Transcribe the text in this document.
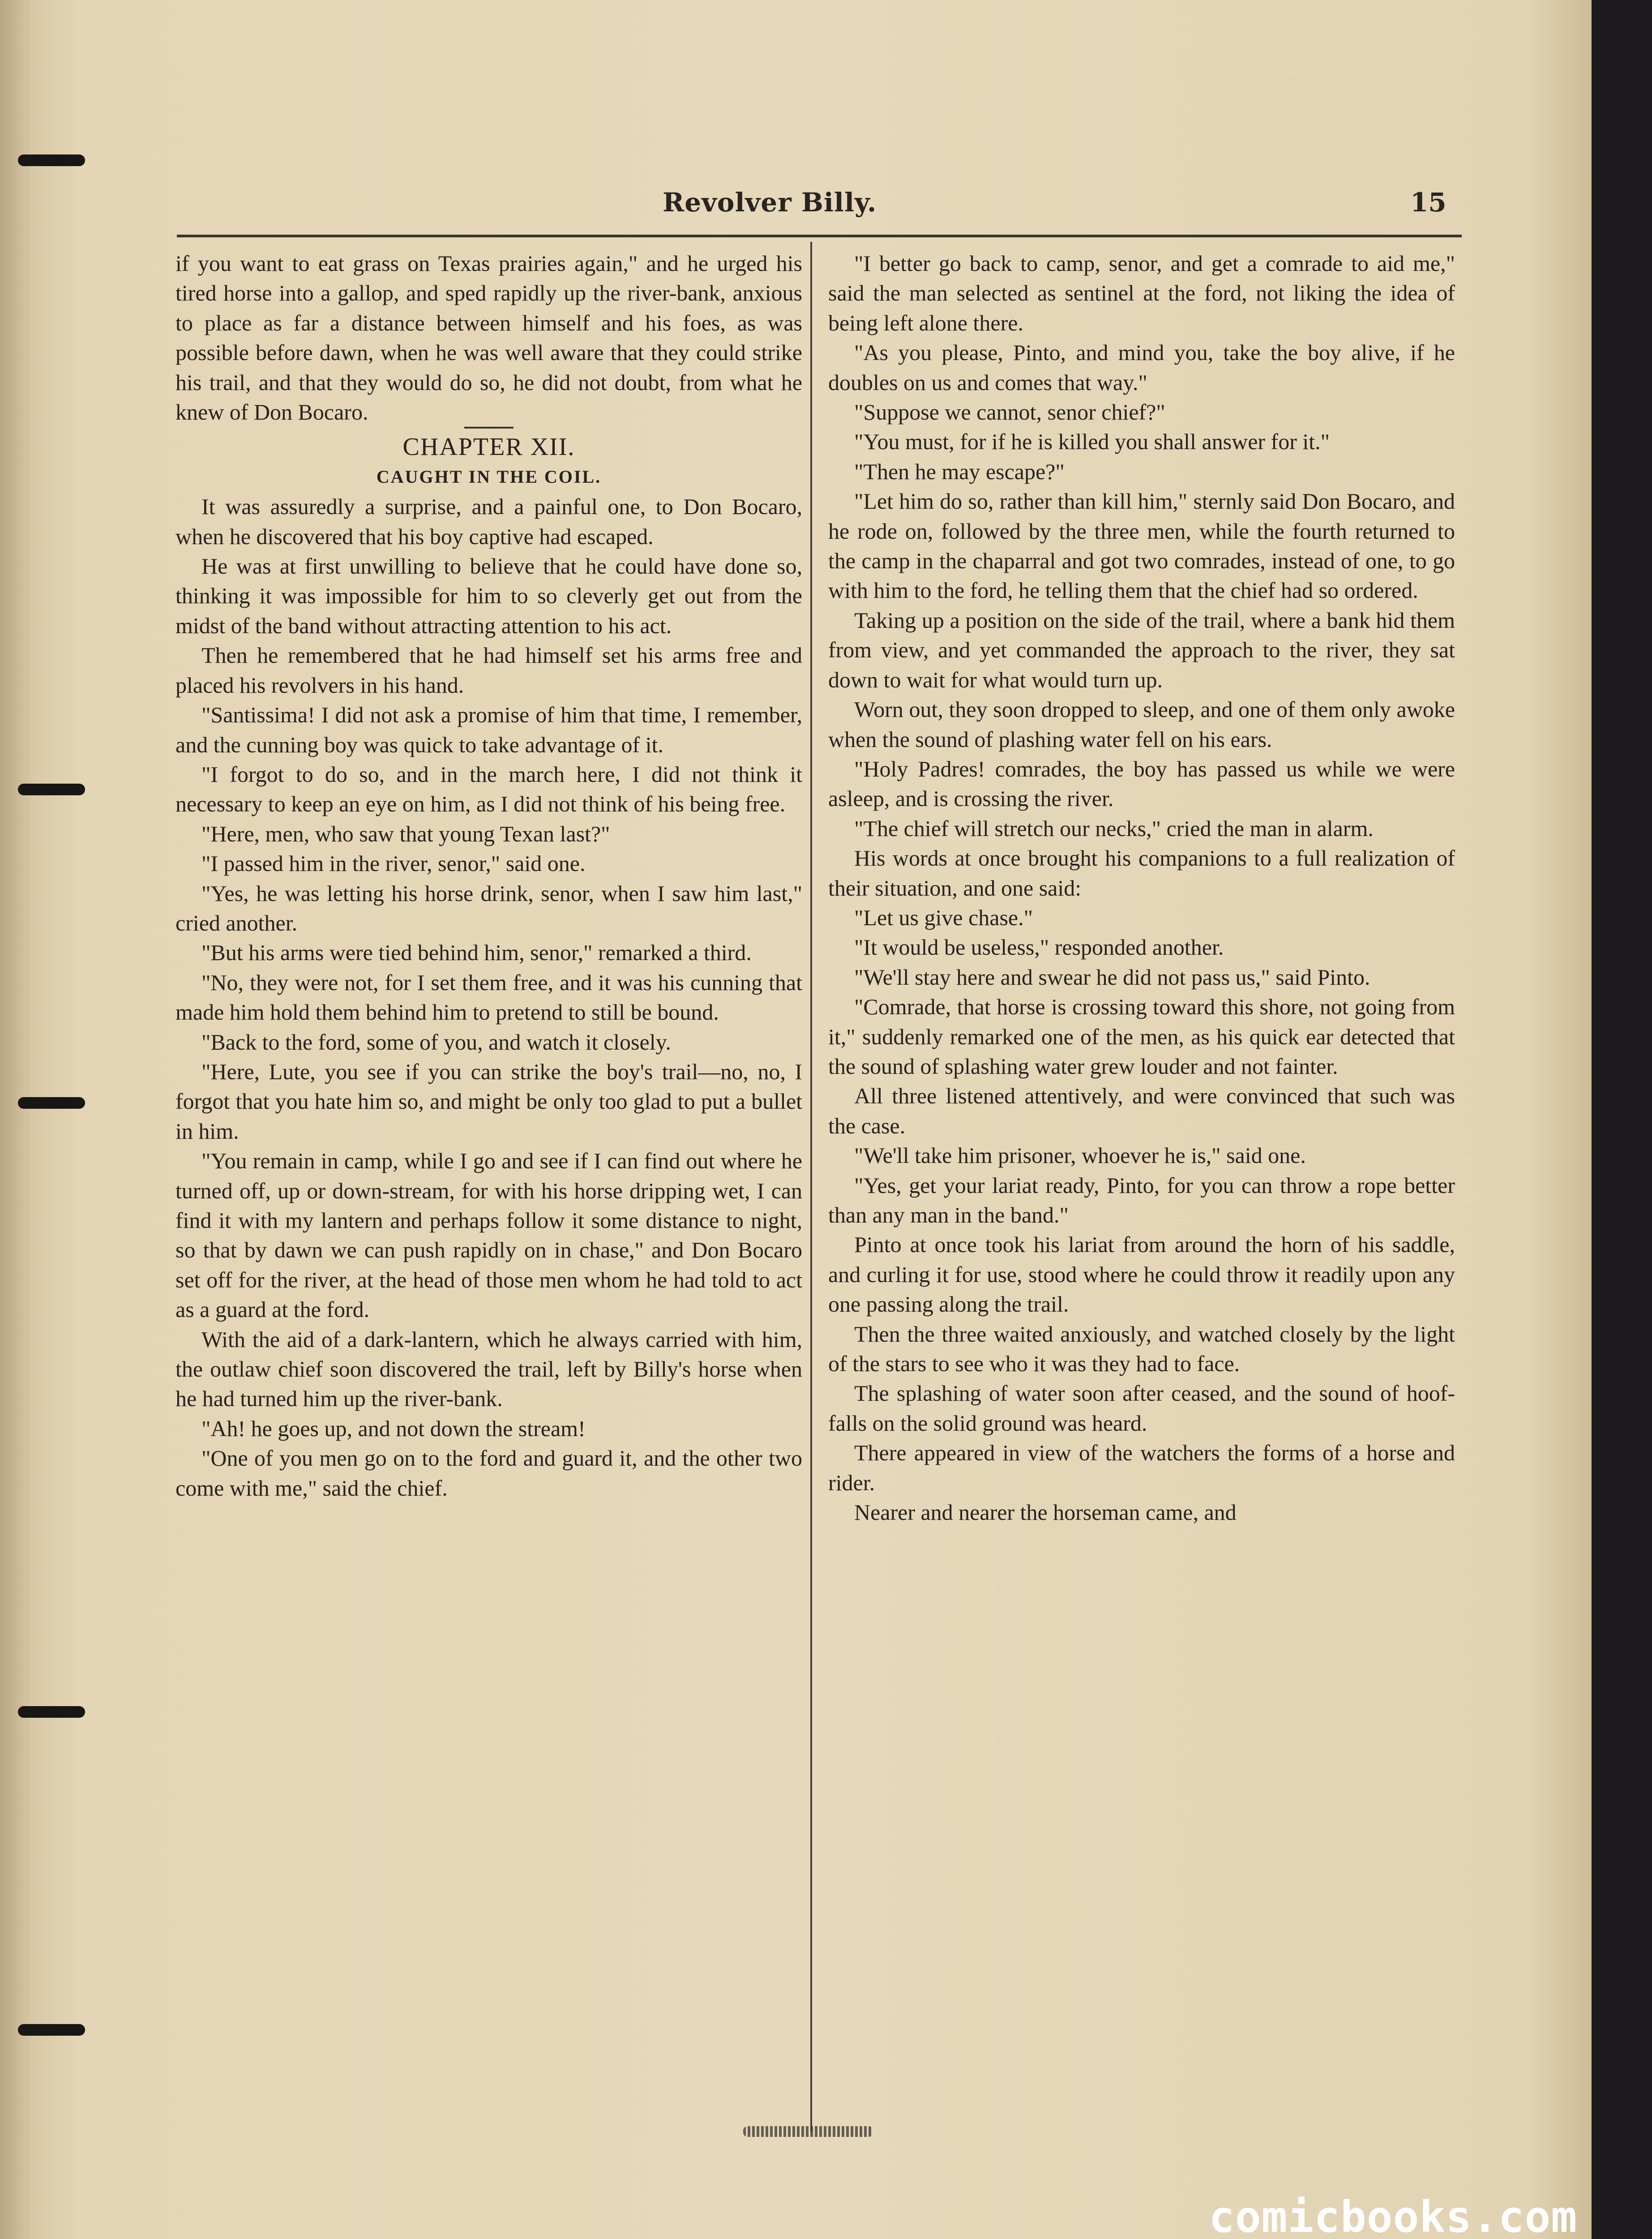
Revolver Billy.	15

if you want to eat grass on Texas prairies again," and he urged his tired horse into a gallop, and sped rapidly up the river-bank, anxious to place as far a distance between himself and his foes, as was possible before dawn, when he was well aware that they could strike his trail, and that they would do so, he did not doubt, from what he knew of Don Bocaro.

CHAPTER XII.
CAUGHT IN THE COIL.

It was assuredly a surprise, and a painful one, to Don Bocaro, when he discovered that his boy captive had escaped.

He was at first unwilling to believe that he could have done so, thinking it was impossible for him to so cleverly get out from the midst of the band without attracting attention to his act.

Then he remembered that he had himself set his arms free and placed his revolvers in his hand.

"Santissima! I did not ask a promise of him that time, I remember, and the cunning boy was quick to take advantage of it.

"I forgot to do so, and in the march here, I did not think it necessary to keep an eye on him, as I did not think of his being free.

"Here, men, who saw that young Texan last?"

"I passed him in the river, senor," said one.

"Yes, he was letting his horse drink, senor, when I saw him last," cried another.

"But his arms were tied behind him, senor," remarked a third.

"No, they were not, for I set them free, and it was his cunning that made him hold them behind him to pretend to still be bound.

"Back to the ford, some of you, and watch it closely.

"Here, Lute, you see if you can strike the boy's trail—no, no, I forgot that you hate him so, and might be only too glad to put a bullet in him.

"You remain in camp, while I go and see if I can find out where he turned off, up or down-stream, for with his horse dripping wet, I can find it with my lantern and perhaps follow it some distance to night, so that by dawn we can push rapidly on in chase," and Don Bocaro set off for the river, at the head of those men whom he had told to act as a guard at the ford.

With the aid of a dark-lantern, which he always carried with him, the outlaw chief soon discovered the trail, left by Billy's horse when he had turned him up the river-bank.

"Ah! he goes up, and not down the stream!

"One of you men go on to the ford and guard it, and the other two come with me," said the chief.

"I better go back to camp, senor, and get a comrade to aid me," said the man selected as sentinel at the ford, not liking the idea of being left alone there.

"As you please, Pinto, and mind you, take the boy alive, if he doubles on us and comes that way."

"Suppose we cannot, senor chief?"

"You must, for if he is killed you shall answer for it."

"Then he may escape?"

"Let him do so, rather than kill him," sternly said Don Bocaro, and he rode on, followed by the three men, while the fourth returned to the camp in the chaparral and got two comrades, instead of one, to go with him to the ford, he telling them that the chief had so ordered.

Taking up a position on the side of the trail, where a bank hid them from view, and yet commanded the approach to the river, they sat down to wait for what would turn up.

Worn out, they soon dropped to sleep, and one of them only awoke when the sound of plashing water fell on his ears.

"Holy Padres! comrades, the boy has passed us while we were asleep, and is crossing the river.

"The chief will stretch our necks," cried the man in alarm.

His words at once brought his companions to a full realization of their situation, and one said:

"Let us give chase."

"It would be useless," responded another.

"We'll stay here and swear he did not pass us," said Pinto.

"Comrade, that horse is crossing toward this shore, not going from it," suddenly remarked one of the men, as his quick ear detected that the sound of splashing water grew louder and not fainter.

All three listened attentively, and were convinced that such was the case.

"We'll take him prisoner, whoever he is," said one.

"Yes, get your lariat ready, Pinto, for you can throw a rope better than any man in the band."

Pinto at once took his lariat from around the horn of his saddle, and curling it for use, stood where he could throw it readily upon any one passing along the trail.

Then the three waited anxiously, and watched closely by the light of the stars to see who it was they had to face.

The splashing of water soon after ceased, and the sound of hoof-falls on the solid ground was heard.

There appeared in view of the watchers the forms of a horse and rider.

Nearer and nearer the horseman came, and

comicbooks.com
